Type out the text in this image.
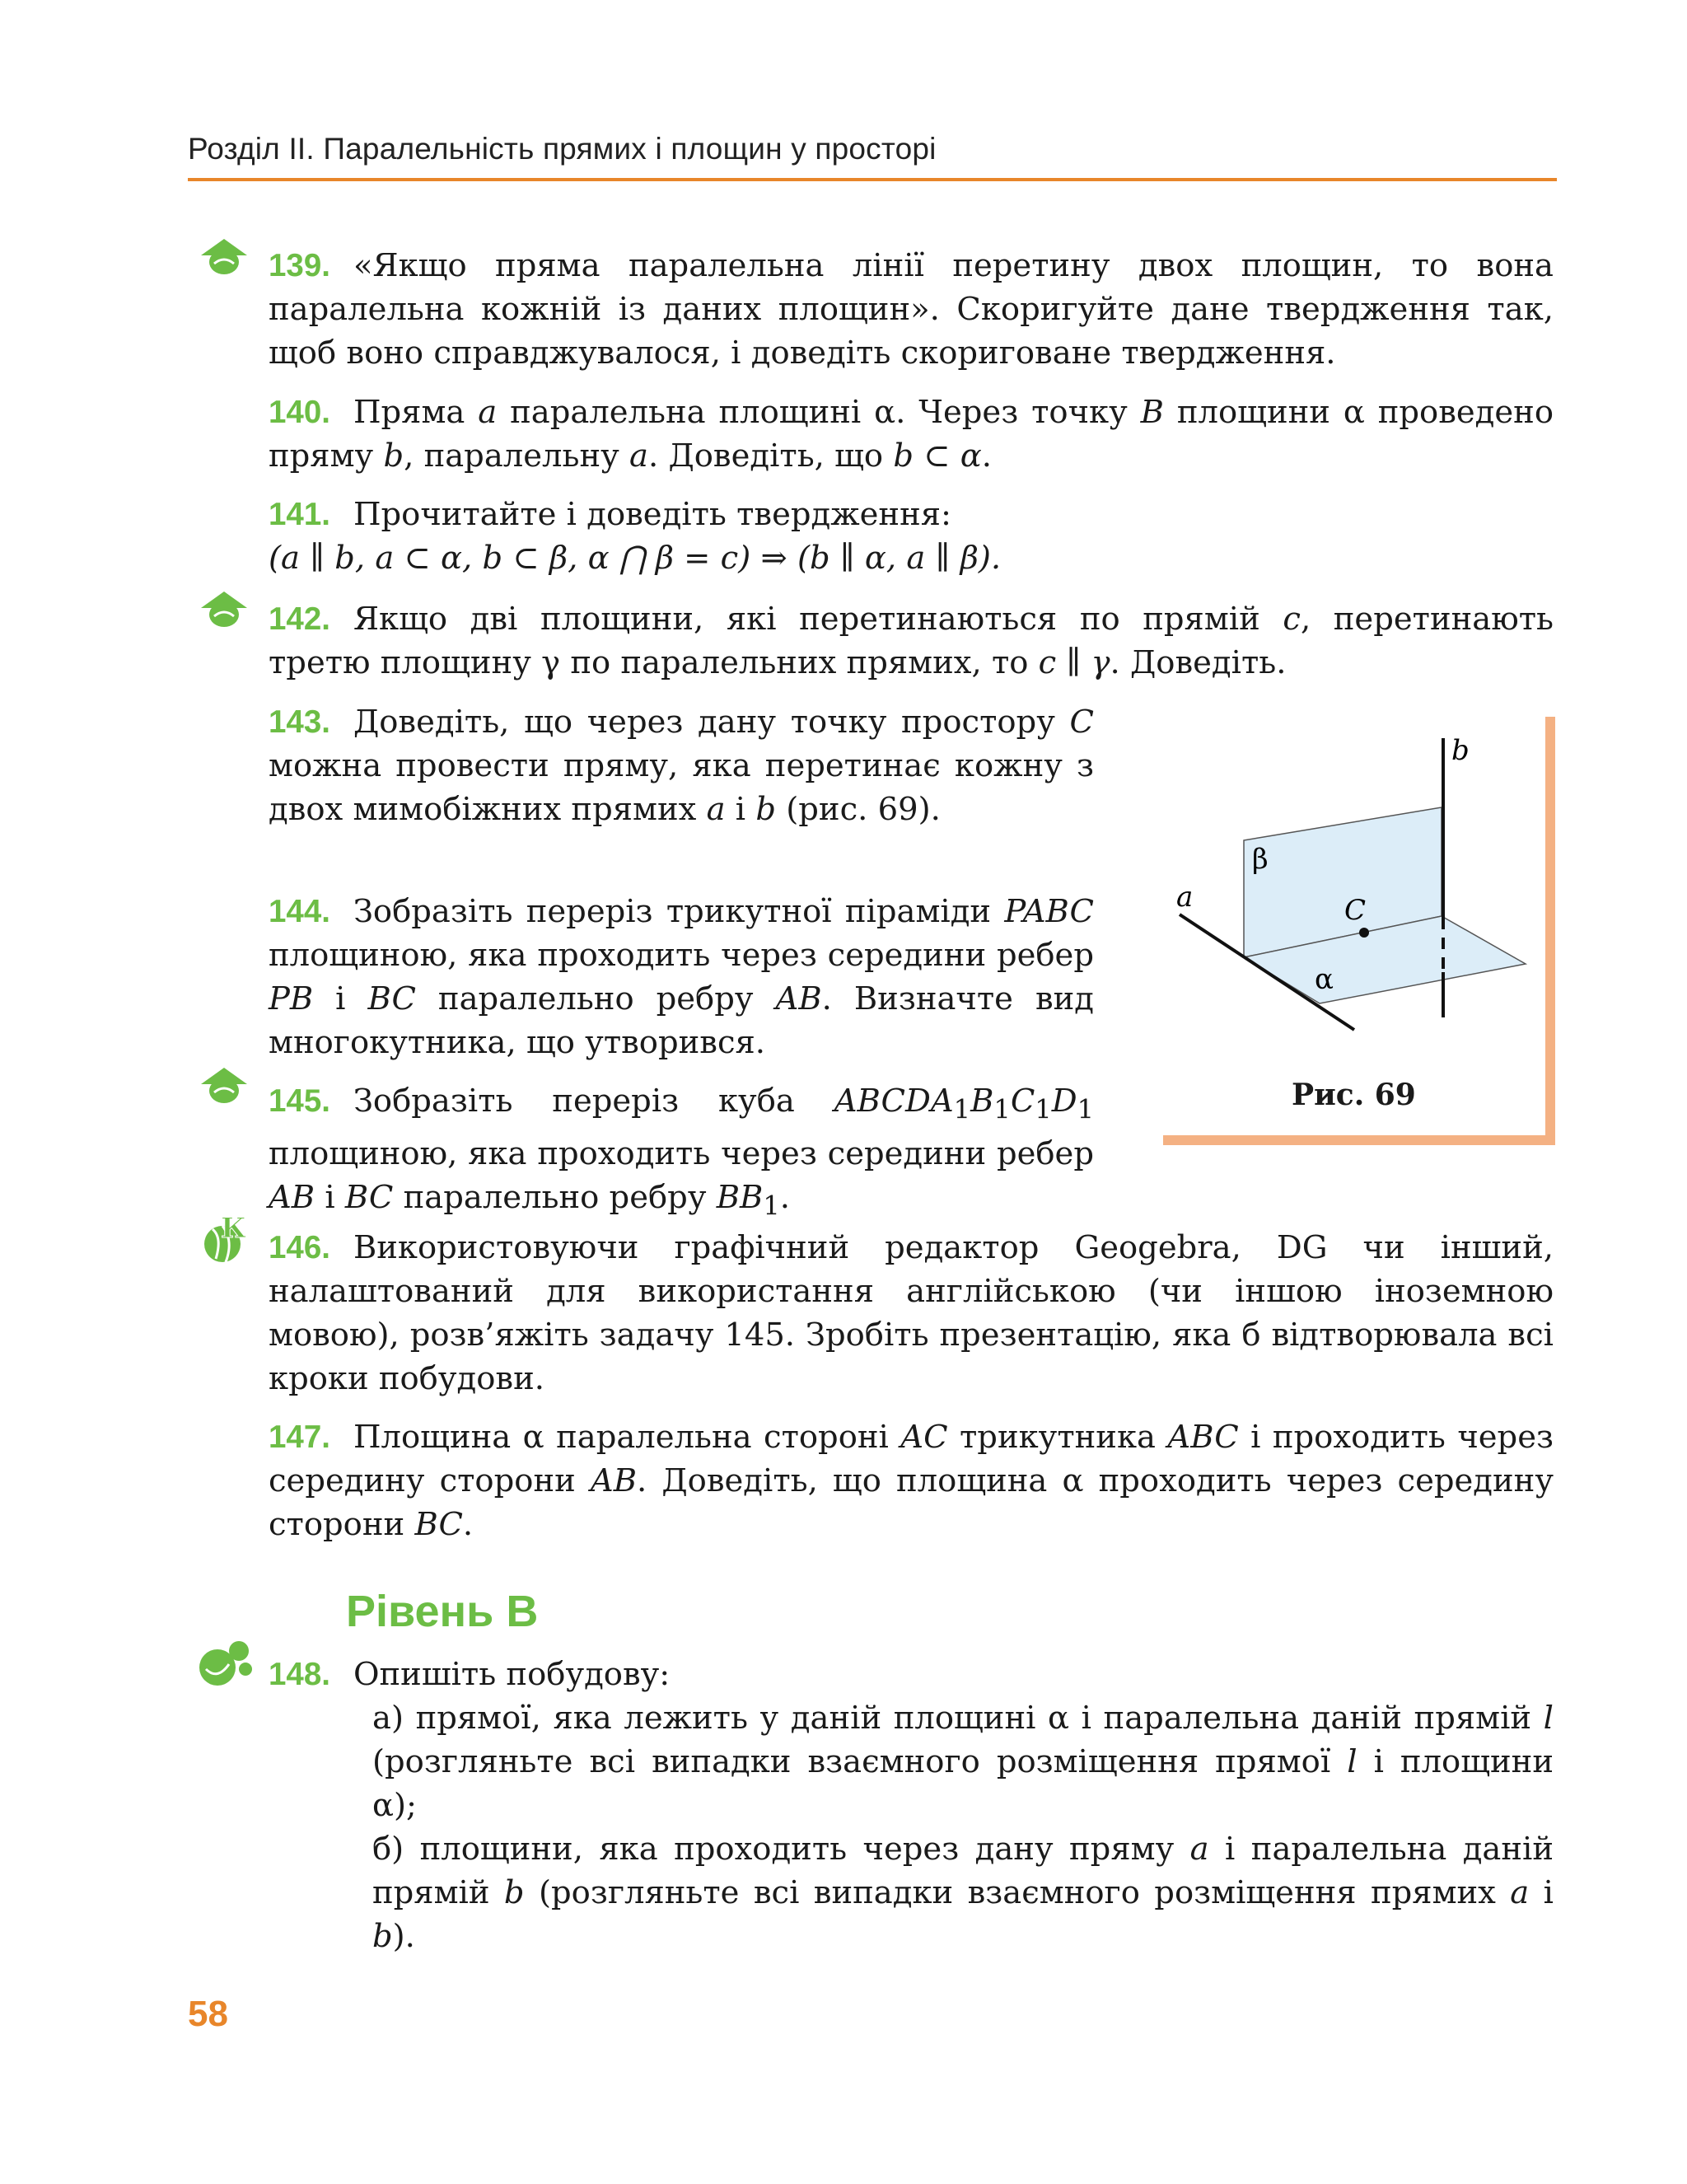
Розділ ІІ. Паралельність прямих і площин у просторі
К
139. «Якщо пряма паралельна лінії перетину двох площин, то вона паралельна кожній із даних площин». Скоригуйте дане твердження так, щоб воно справджувалося, і доведіть скориговане твердження.
140. Пряма a паралельна площині α. Через точку B площини α проведено пряму b, паралельну a. Доведіть, що b ⊂ α.
141. Прочитайте і доведіть твердження:
(a ∥ b, a ⊂ α, b ⊂ β, α ⋂ β = c) ⇒ (b ∥ α, a ∥ β).
142. Якщо дві площини, які перетинаються по прямій c, перетинають третю площину γ по паралельних прямих, то c ∥ γ. Доведіть.
143. Доведіть, що через дану точку простору C можна провести пряму, яка перетинає кожну з двох мимобіжних прямих a і b (рис. 69).
144. Зобразіть переріз трикутної піраміди PABC площиною, яка проходить через середини ребер PB і BC паралельно ребру AB. Визначте вид многокутника, що утворився.
145. Зобразіть переріз куба $ABCDA_1B_1C_1D_1$ площиною, яка проходить через середини ребер AB і BC паралельно ребру $BB_1$.
146. Використовуючи графічний редактор Geogebra, DG чи інший, налаштований для використання англійською (чи іншою іноземною мовою), розв’яжіть задачу 145. Зробіть презентацію, яка б відтворювала всі кроки побудови.
147. Площина α паралельна стороні AC трикутника ABC і проходить через середину сторони AB. Доведіть, що площина α проходить через середину сторони BC.
Рівень В
148. Опишіть побудову:
а) прямої, яка лежить у даній площині α і паралельна даній прямій l (розгляньте всі випадки взаємного розміщення прямої l і площини α);
б) площини, яка проходить через дану пряму a і паралельна даній прямій b (розгляньте всі випадки взаємного розміщення прямих a і b).
b
β
a	C
α
Рис. 69
58
